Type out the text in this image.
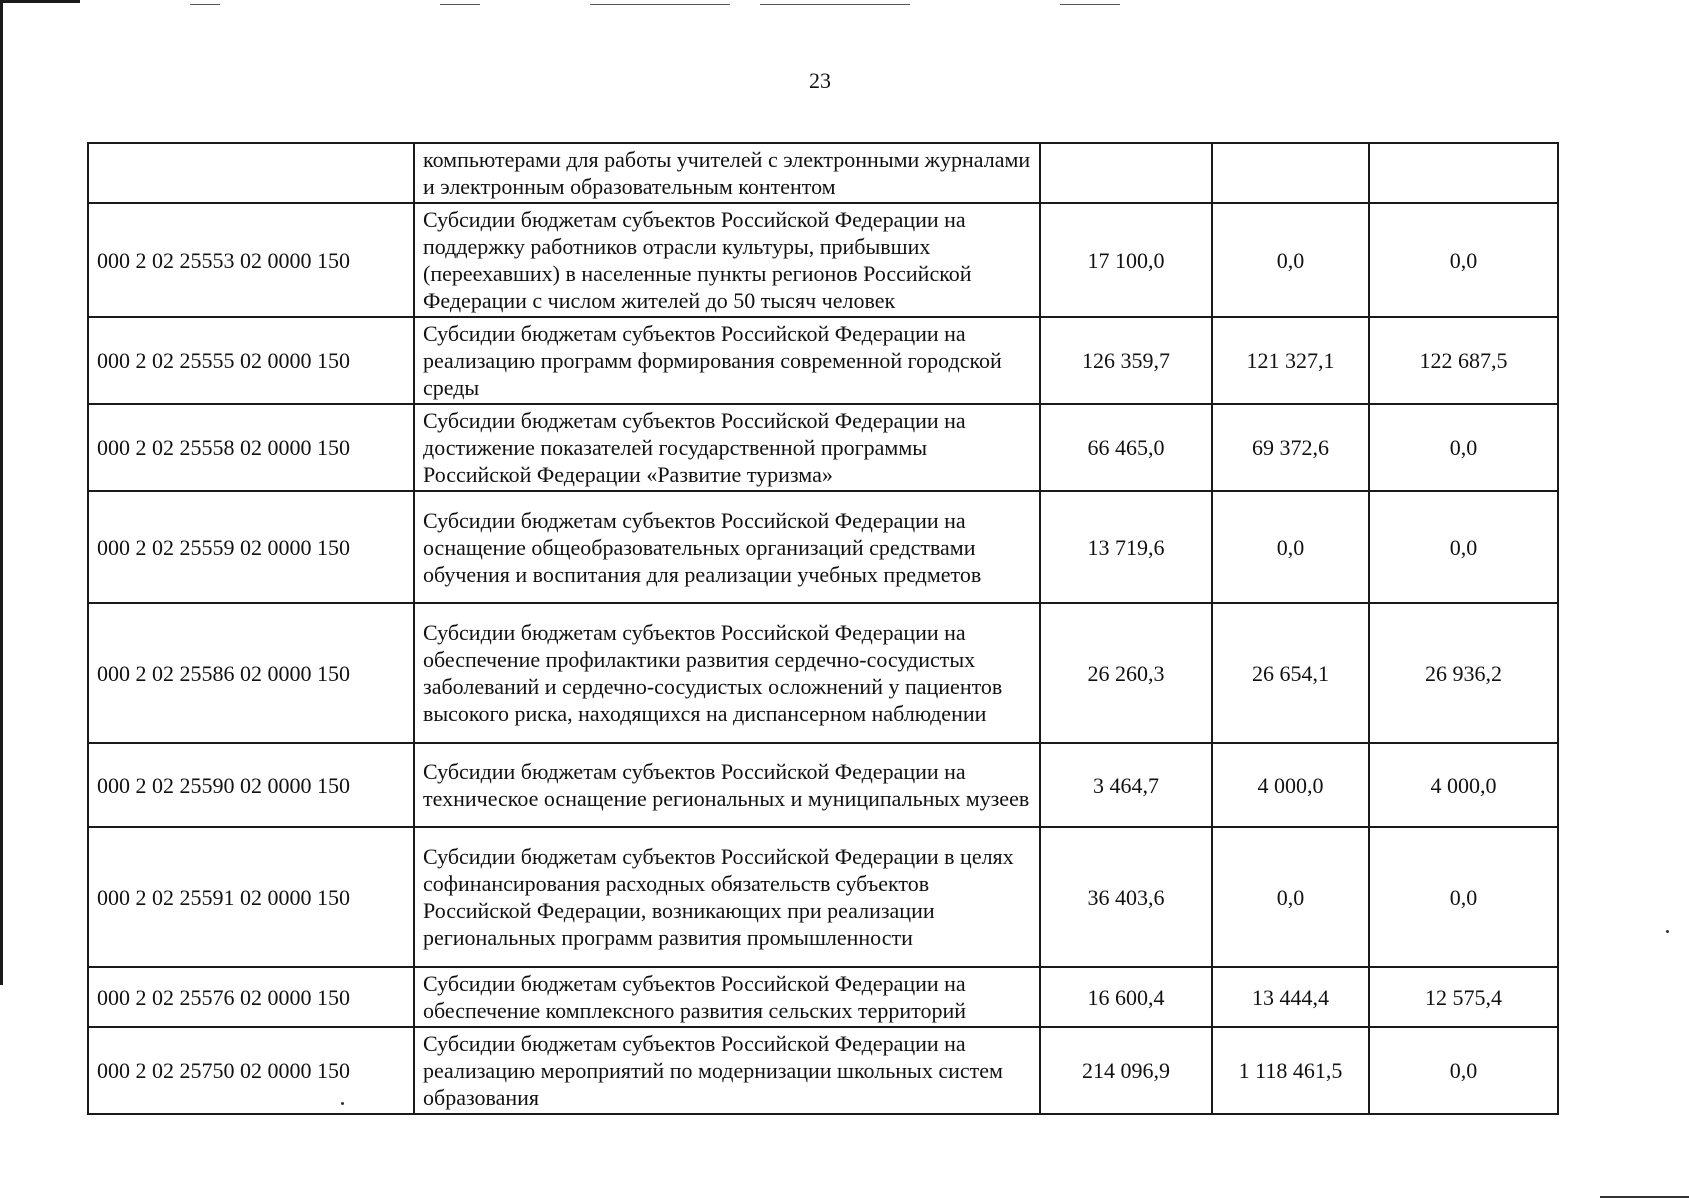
23
	компьютерами для работы учителей с электронными журналами и электронным образовательным контентом			
000 2 02 25553 02 0000 150	Субсидии бюджетам субъектов Российской Федерации на поддержку работников отрасли культуры, прибывших (переехавших) в населенные пункты регионов Российской Федерации с числом жителей до 50 тысяч человек	17 100,0	0,0	0,0
000 2 02 25555 02 0000 150	Субсидии бюджетам субъектов Российской Федерации на реализацию программ формирования современной городской среды	126 359,7	121 327,1	122 687,5
000 2 02 25558 02 0000 150	Субсидии бюджетам субъектов Российской Федерации на достижение показателей государственной программы Российской Федерации «Развитие туризма»	66 465,0	69 372,6	0,0
000 2 02 25559 02 0000 150	Субсидии бюджетам субъектов Российской Федерации на оснащение общеобразовательных организаций средствами обучения и воспитания для реализации учебных предметов	13 719,6	0,0	0,0
000 2 02 25586 02 0000 150	Субсидии бюджетам субъектов Российской Федерации на обеспечение профилактики развития сердечно-сосудистых заболеваний и сердечно-сосудистых осложнений у пациентов высокого риска, находящихся на диспансерном наблюдении	26 260,3	26 654,1	26 936,2
000 2 02 25590 02 0000 150	Субсидии бюджетам субъектов Российской Федерации на техническое оснащение региональных и муниципальных музеев	3 464,7	4 000,0	4 000,0
000 2 02 25591 02 0000 150	Субсидии бюджетам субъектов Российской Федерации в целях софинансирования расходных обязательств субъектов Российской Федерации, возникающих при реализации региональных программ развития промышленности	36 403,6	0,0	0,0
000 2 02 25576 02 0000 150	Субсидии бюджетам субъектов Российской Федерации на обеспечение комплексного развития сельских территорий	16 600,4	13 444,4	12 575,4
000 2 02 25750 02 0000 150	Субсидии бюджетам субъектов Российской Федерации на реализацию мероприятий по модернизации школьных систем образования	214 096,9	1 118 461,5	0,0
